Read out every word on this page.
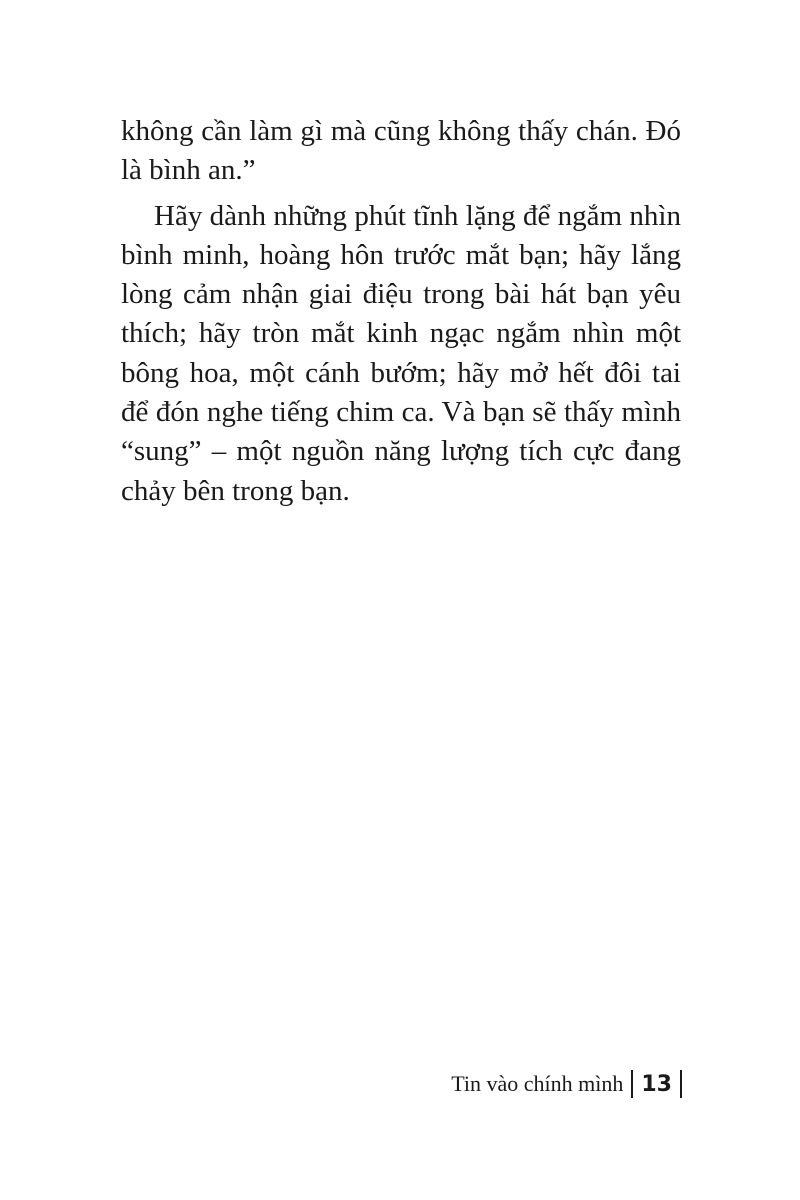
không cần làm gì mà cũng không thấy chán. Đó là bình an.”

Hãy dành những phút tĩnh lặng để ngắm nhìn bình minh, hoàng hôn trước mắt bạn; hãy lắng lòng cảm nhận giai điệu trong bài hát bạn yêu thích; hãy tròn mắt kinh ngạc ngắm nhìn một bông hoa, một cánh bướm; hãy mở hết đôi tai để đón nghe tiếng chim ca. Và bạn sẽ thấy mình “sung” – một nguồn năng lượng tích cực đang chảy bên trong bạn.

Tin vào chính mình 13
